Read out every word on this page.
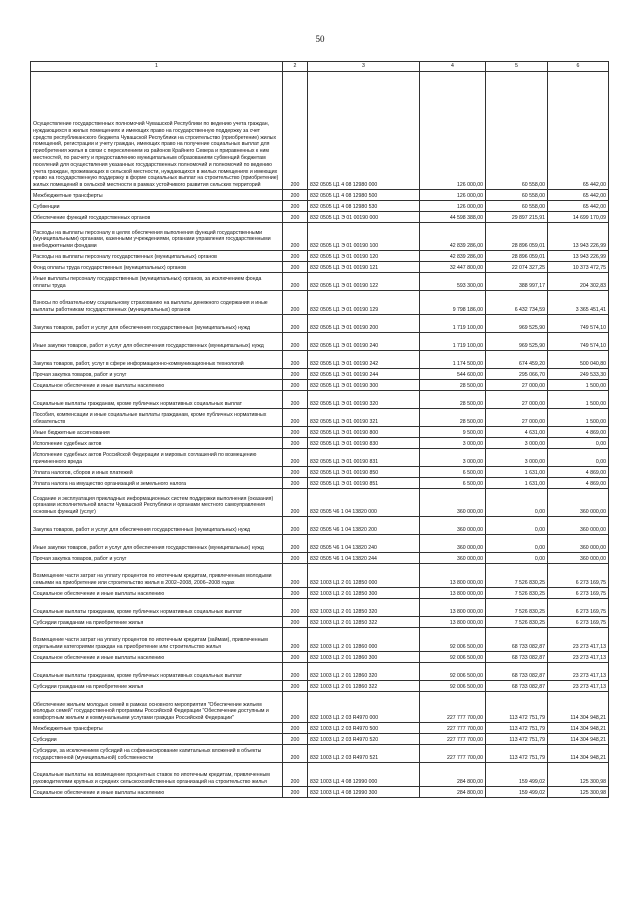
50
1	2	3	4	5	6
Осуществление государственных полномочий Чувашской Республики по ведению учета граждан, нуждающихся в жилых помещениях и имеющих право на государственную поддержку за счет средств республиканского бюджета Чувашской Республики на строительство (приобретение) жилых помещений, регистрации и учету граждан, имеющих право на получение социальных выплат для приобретения жилья в связи с переселением из районов Крайнего Севера и приравненных к ним местностей, по расчету и предоставлению муниципальным образованиям субвенций бюджетам поселений для осуществления указанных государственных полномочий и полномочий по ведению учета граждан, проживающих в сельской местности, нуждающихся в жилых помещениях и имеющих право на государственную поддержку в форме социальных выплат на строительство (приобретение) жилых помещений в сельской местности в рамках устойчивого развития сельских территорий	200	832 0505 Ц1 4 08 12980 000	126 000,00	60 558,00	65 442,00
Межбюджетные трансферты	200	832 0505 Ц1 4 08 12980 500	126 000,00	60 558,00	65 442,00
Субвенции	200	832 0505 Ц1 4 08 12980 530	126 000,00	60 558,00	65 442,00
Обеспечение функций государственных органов	200	832 0505 Ц1 Э 01 00190 000	44 598 388,00	29 897 215,91	14 699 170,09
Расходы на выплаты персоналу в целях обеспечения выполнения функций государственными (муниципальными) органами, казенными учреждениями, органами управления государственными внебюджетными фондами	200	832 0505 Ц1 Э 01 00190 100	42 839 286,00	28 896 059,01	13 943 226,99
Расходы на выплаты персоналу государственных (муниципальных) органов	200	832 0505 Ц1 Э 01 00190 120	42 839 286,00	28 896 059,01	13 943 226,99
Фонд оплаты труда государственных (муниципальных) органов	200	832 0505 Ц1 Э 01 00190 121	32 447 800,00	22 074 327,25	10 373 472,75
Иные выплаты персоналу государственных (муниципальных) органов, за исключением фонда оплаты труда	200	832 0505 Ц1 Э 01 00190 122	593 300,00	388 997,17	204 302,83
Взносы по обязательному социальному страхованию на выплаты денежного содержания и иные выплаты работникам государственных (муниципальных) органов	200	832 0505 Ц1 Э 01 00190 129	9 798 186,00	6 432 734,59	3 365 451,41
Закупка товаров, работ и услуг для обеспечения государственных (муниципальных) нужд	200	832 0505 Ц1 Э 01 00190 200	1 719 100,00	969 525,90	749 574,10
Иные закупки товаров, работ и услуг для обеспечения государственных (муниципальных) нужд	200	832 0505 Ц1 Э 01 00190 240	1 719 100,00	969 525,90	749 574,10
Закупка товаров, работ, услуг в сфере информационно-коммуникационных технологий	200	832 0505 Ц1 Э 01 00190 242	1 174 500,00	674 459,20	500 040,80
Прочая закупка товаров, работ и услуг	200	832 0505 Ц1 Э 01 00190 244	544 600,00	295 066,70	249 533,30
Социальное обеспечение и иные выплаты населению	200	832 0505 Ц1 Э 01 00190 300	28 500,00	27 000,00	1 500,00
Социальные выплаты гражданам, кроме публичных нормативных социальных выплат	200	832 0505 Ц1 Э 01 00190 320	28 500,00	27 000,00	1 500,00
Пособия, компенсации и иные социальные выплаты гражданам, кроме публичных нормативных обязательств	200	832 0505 Ц1 Э 01 00190 321	28 500,00	27 000,00	1 500,00
Иные бюджетные ассигнования	200	832 0505 Ц1 Э 01 00190 800	9 500,00	4 631,00	4 869,00
Исполнение судебных актов	200	832 0505 Ц1 Э 01 00190 830	3 000,00	3 000,00	0,00
Исполнение судебных актов Российской Федерации и мировых соглашений по возмещению причиненного вреда	200	832 0505 Ц1 Э 01 00190 831	3 000,00	3 000,00	0,00
Уплата налогов, сборов и иных платежей	200	832 0505 Ц1 Э 01 00190 850	6 500,00	1 631,00	4 869,00
Уплата налога на имущество организаций и земельного налога	200	832 0505 Ц1 Э 01 00190 851	6 500,00	1 631,00	4 869,00
Создание и эксплуатация прикладных информационных систем поддержки выполнения (оказания) органами исполнительной власти Чувашской Республики и органами местного самоуправления основных функций (услуг)	200	832 0505 Ч6 1 04 13820 000	360 000,00	0,00	360 000,00
Закупка товаров, работ и услуг для обеспечения государственных (муниципальных) нужд	200	832 0505 Ч6 1 04 13820 200	360 000,00	0,00	360 000,00
Иные закупки товаров, работ и услуг для обеспечения государственных (муниципальных) нужд	200	832 0505 Ч6 1 04 13820 240	360 000,00	0,00	360 000,00
Прочая закупка товаров, работ и услуг	200	832 0505 Ч6 1 04 13820 244	360 000,00	0,00	360 000,00
Возмещение части затрат на уплату процентов по ипотечным кредитам, привлеченным молодыми семьями на приобретение или строительство жилья в 2002–2008, 2006–2008 годах	200	832 1003 Ц1 2 01 12850 000	13 800 000,00	7 526 830,25	6 273 169,75
Социальное обеспечение и иные выплаты населению	200	832 1003 Ц1 2 01 12850 300	13 800 000,00	7 526 830,25	6 273 169,75
Социальные выплаты гражданам, кроме публичных нормативных социальных выплат	200	832 1003 Ц1 2 01 12850 320	13 800 000,00	7 526 830,25	6 273 169,75
Субсидии гражданам на приобретение жилья	200	832 1003 Ц1 2 01 12850 322	13 800 000,00	7 526 830,25	6 273 169,75
Возмещение части затрат на уплату процентов по ипотечным кредитам (займам), привлеченным отдельными категориями граждан на приобретение или строительство жилья	200	832 1003 Ц1 2 01 12860 000	92 006 500,00	68 733 082,87	23 273 417,13
Социальное обеспечение и иные выплаты населению	200	832 1003 Ц1 2 01 12860 300	92 006 500,00	68 733 082,87	23 273 417,13
Социальные выплаты гражданам, кроме публичных нормативных социальных выплат	200	832 1003 Ц1 2 01 12860 320	92 006 500,00	68 733 082,87	23 273 417,13
Субсидии гражданам на приобретение жилья	200	832 1003 Ц1 2 01 12860 322	92 006 500,00	68 733 082,87	23 273 417,13
Обеспечение жильем молодых семей в рамках основного мероприятия "Обеспечение жильем молодых семей" государственной программы Российской Федерации "Обеспечение доступным и комфортным жильем и коммунальными услугами граждан Российской Федерации"	200	832 1003 Ц1 2 03 R4970 000	227 777 700,00	113 472 751,79	114 304 948,21
Межбюджетные трансферты	200	832 1003 Ц1 2 03 R4970 500	227 777 700,00	113 472 751,79	114 304 948,21
Субсидии	200	832 1003 Ц1 2 03 R4970 520	227 777 700,00	113 472 751,79	114 304 948,21
Субсидии, за исключением субсидий на софинансирование капитальных вложений в объекты государственной (муниципальной) собственности	200	832 1003 Ц1 2 03 R4970 521	227 777 700,00	113 472 751,79	114 304 948,21
Социальные выплаты на возмещение процентных ставок по ипотечным кредитам, привлеченным руководителями крупных и средних сельскохозяйственных организаций на строительство жилья	200	832 1003 Ц1 4 08 12990 000	284 800,00	159 499,02	125 300,98
Социальное обеспечение и иные выплаты населению	200	832 1003 Ц1 4 08 12990 300	284 800,00	159 499,02	125 300,98
